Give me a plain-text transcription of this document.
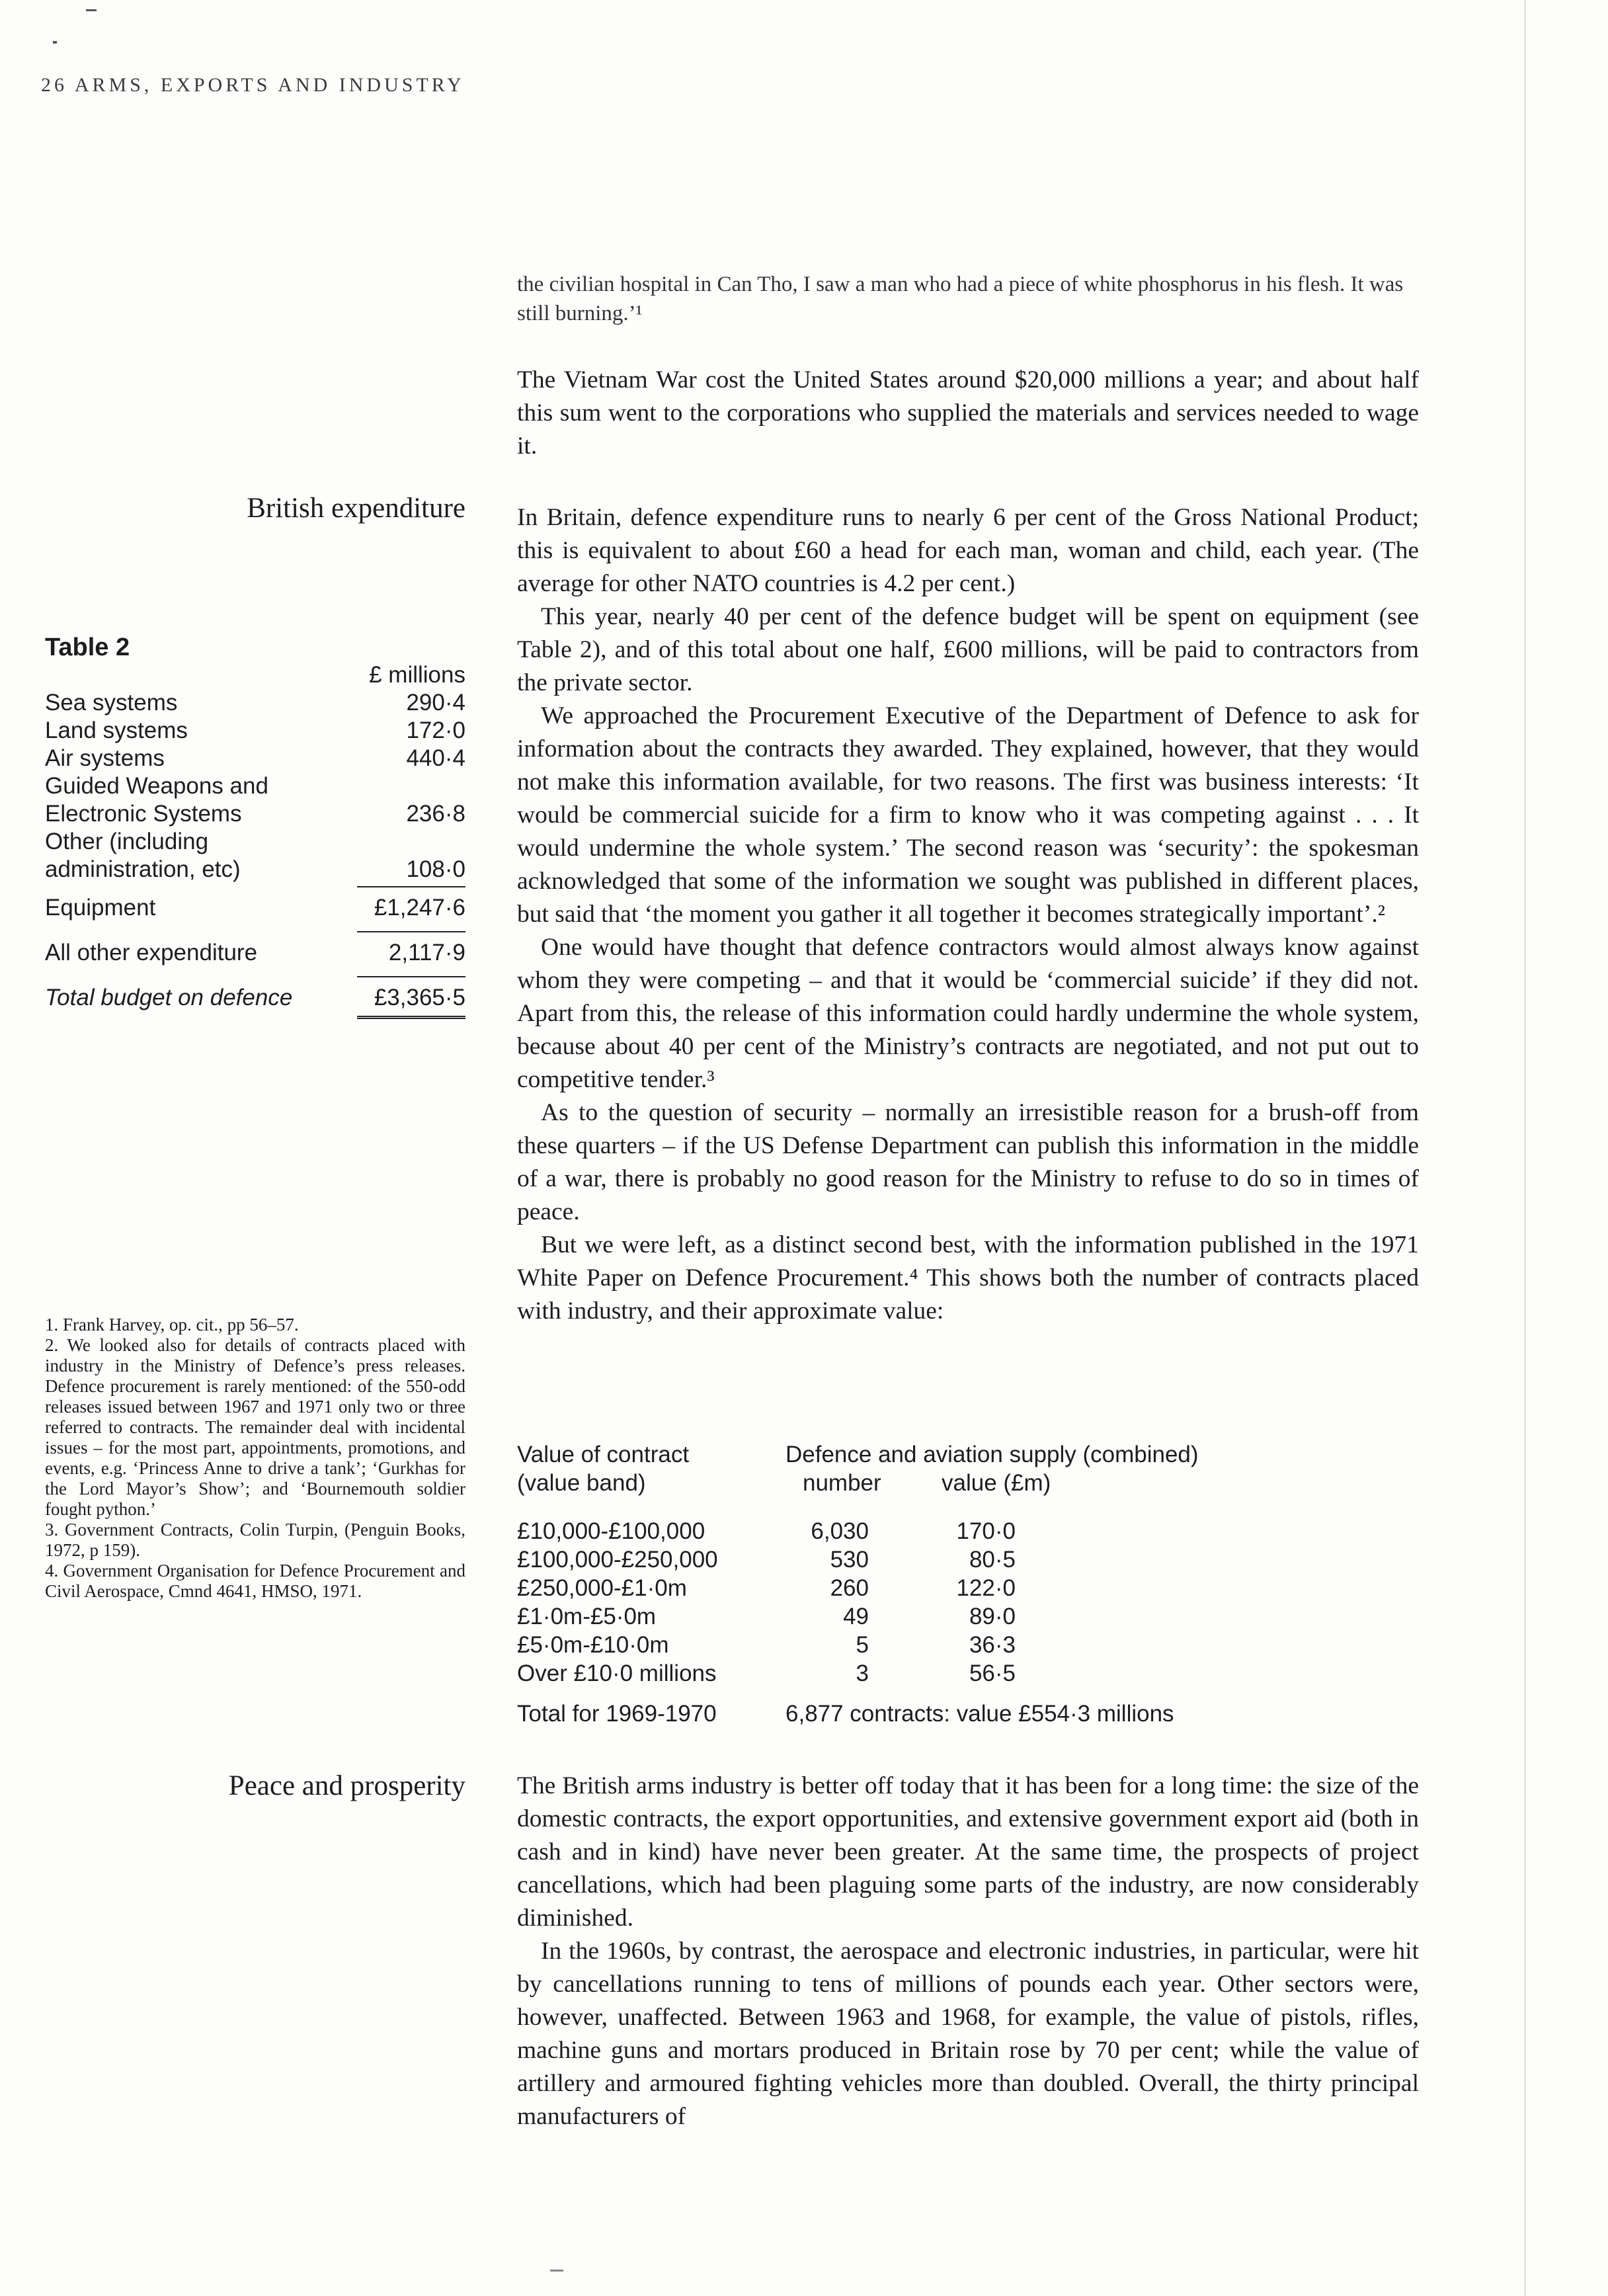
26 ARMS, EXPORTS AND INDUSTRY
the civilian hospital in Can Tho, I saw a man who had a piece of white phosphorus in his flesh. It was still burning.’¹

The Vietnam War cost the United States around $20,000 millions a year; and about half this sum went to the corporations who supplied the materials and services needed to wage it.

British expenditure In Britain, defence expenditure runs to nearly 6 per cent of the Gross National Product; this is equivalent to about £60 a head for each man, woman and child, each year. (The average for other NATO countries is 4.2 per cent.)

This year, nearly 40 per cent of the defence budget will be spent on equipment (see Table 2), and of this total about one half, £600 millions, will be paid to contractors from the private sector.

We approached the Procurement Executive of the Department of Defence to ask for information about the contracts they awarded. They explained, however, that they would not make this information available, for two reasons. The first was business interests: ‘It would be commercial suicide for a firm to know who it was competing against . . . It would undermine the whole system.’ The second reason was ‘security’: the spokesman acknowledged that some of the information we sought was published in different places, but said that ‘the moment you gather it all together it becomes strategically important’.²

One would have thought that defence contractors would almost always know against whom they were competing – and that it would be ‘commercial suicide’ if they did not. Apart from this, the release of this information could hardly undermine the whole system, because about 40 per cent of the Ministry’s contracts are negotiated, and not put out to competitive tender.³

As to the question of security – normally an irresistible reason for a brush-off from these quarters – if the US Defense Department can publish this information in the middle of a war, there is probably no good reason for the Ministry to refuse to do so in times of peace.

But we were left, as a distinct second best, with the information published in the 1971 White Paper on Defence Procurement.⁴ This shows both the number of contracts placed with industry, and their approximate value:

Table 2
£ millions
Sea systems	290·4
Land systems	172·0
Air systems	440·4
Guided Weapons and
Electronic Systems	236·8
Other (including
administration, etc)	108·0
Equipment	£1,247·6
All other expenditure	2,117·9
Total budget on defence	£3,365·5

1. Frank Harvey, op. cit., pp 56–57.

2. We looked also for details of contracts placed with industry in the Ministry of Defence’s press releases. Defence procurement is rarely mentioned: of the 550-odd releases issued between 1967 and 1971 only two or three referred to contracts. The remainder deal with incidental issues – for the most part, appointments, promotions, and events, e.g. ‘Princess Anne to drive a tank’; ‘Gurkhas for the Lord Mayor’s Show’; and ‘Bournemouth soldier fought python.’

3. Government Contracts, Colin Turpin, (Penguin Books, 1972, p 159).

4. Government Organisation for Defence Procurement and Civil Aerospace, Cmnd 4641, HMSO, 1971.

Value of contract	Defence and aviation supply (combined)
(value band)	number	value (£m)
£10,000-£100,000	6,030	170·0
£100,000-£250,000	530	80·5
£250,000-£1·0m	260	122·0
£1·0m-£5·0m	49	89·0
£5·0m-£10·0m	5	36·3
Over £10·0 millions	3	56·5
Total for 1969-1970	6,877 contracts: value £554·3 millions
Peace and prosperity The British arms industry is better off today that it has been for a long time: the size of the domestic contracts, the export opportunities, and extensive government export aid (both in cash and in kind) have never been greater. At the same time, the prospects of project cancellations, which had been plaguing some parts of the industry, are now considerably diminished.

In the 1960s, by contrast, the aerospace and electronic industries, in particular, were hit by cancellations running to tens of millions of pounds each year. Other sectors were, however, unaffected. Between 1963 and 1968, for example, the value of pistols, rifles, machine guns and mortars produced in Britain rose by 70 per cent; while the value of artillery and armoured fighting vehicles more than doubled. Overall, the thirty principal manufacturers of
